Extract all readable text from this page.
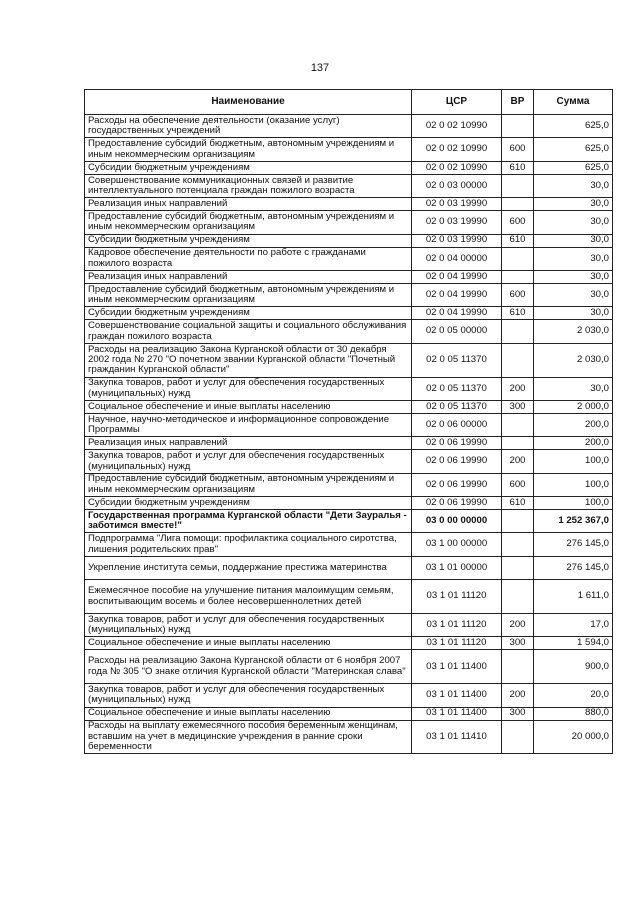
137
Наименование	ЦСР	ВР	Сумма
Расходы на обеспечение деятельности (оказание услуг) государственных учреждений	02 0 02 10990		625,0
Предоставление субсидий бюджетным, автономным учреждениям и иным некоммерческим организациям	02 0 02 10990	600	625,0
Субсидии бюджетным учреждениям	02 0 02 10990	610	625,0
Совершенствование коммуникационных связей и развитие интеллектуального потенциала граждан пожилого возраста	02 0 03 00000		30,0
Реализация иных направлений	02 0 03 19990		30,0
Предоставление субсидий бюджетным, автономным учреждениям и иным некоммерческим организациям	02 0 03 19990	600	30,0
Субсидии бюджетным учреждениям	02 0 03 19990	610	30,0
Кадровое обеспечение деятельности по работе с гражданами пожилого возраста	02 0 04 00000		30,0
Реализация иных направлений	02 0 04 19990		30,0
Предоставление субсидий бюджетным, автономным учреждениям и иным некоммерческим организациям	02 0 04 19990	600	30,0
Субсидии бюджетным учреждениям	02 0 04 19990	610	30,0
Совершенствование социальной защиты и социального обслуживания граждан пожилого возраста	02 0 05 00000		2 030,0
Расходы на реализацию Закона Курганской области от 30 декабря 2002 года № 270 "О почетном звании Курганской области "Почетный гражданин Курганской области"	02 0 05 11370		2 030,0
Закупка товаров, работ и услуг для обеспечения государственных (муниципальных) нужд	02 0 05 11370	200	30,0
Социальное обеспечение и иные выплаты населению	02 0 05 11370	300	2 000,0
Научное, научно-методическое и информационное сопровождение Программы	02 0 06 00000		200,0
Реализация иных направлений	02 0 06 19990		200,0
Закупка товаров, работ и услуг для обеспечения государственных (муниципальных) нужд	02 0 06 19990	200	100,0
Предоставление субсидий бюджетным, автономным учреждениям и иным некоммерческим организациям	02 0 06 19990	600	100,0
Субсидии бюджетным учреждениям	02 0 06 19990	610	100,0
Государственная программа Курганской области "Дети Зауралья - заботимся вместе!"	03 0 00 00000		1 252 367,0
Подпрограмма "Лига помощи: профилактика социального сиротства, лишения родительских прав"	03 1 00 00000		276 145,0
Укрепление института семьи, поддержание престижа материнства	03 1 01 00000		276 145,0
Ежемесячное пособие на улучшение питания малоимущим семьям, воспитывающим восемь и более несовершеннолетних детей	03 1 01 11120		1 611,0
Закупка товаров, работ и услуг для обеспечения государственных (муниципальных) нужд	03 1 01 11120	200	17,0
Социальное обеспечение и иные выплаты населению	03 1 01 11120	300	1 594,0
Расходы на реализацию Закона Курганской области от 6 ноября 2007 года № 305 "О знаке отличия Курганской области "Материнская слава"	03 1 01 11400		900,0
Закупка товаров, работ и услуг для обеспечения государственных (муниципальных) нужд	03 1 01 11400	200	20,0
Социальное обеспечение и иные выплаты населению	03 1 01 11400	300	880,0
Расходы на выплату ежемесячного пособия беременным женщинам, вставшим на учет в медицинские учреждения в ранние сроки беременности	03 1 01 11410		20 000,0
